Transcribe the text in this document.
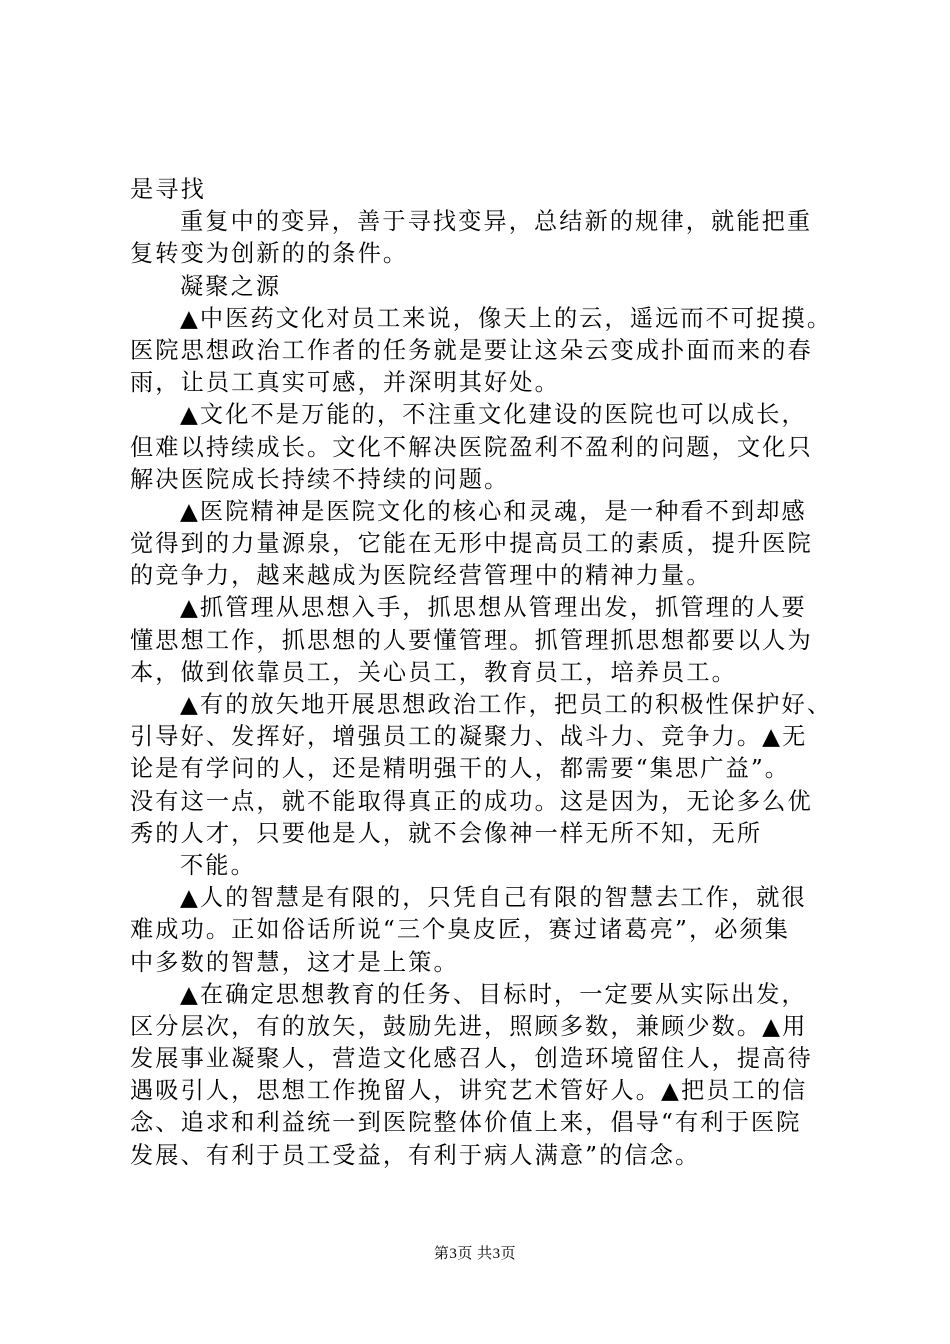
是寻找
重复中的变异，善于寻找变异，总结新的规律，就能把重
复转变为创新的的条件。
凝聚之源
▲中医药文化对员工来说，像天上的云，遥远而不可捉摸。
医院思想政治工作者的任务就是要让这朵云变成扑面而来的春
雨，让员工真实可感，并深明其好处。
▲文化不是万能的，不注重文化建设的医院也可以成长，
但难以持续成长。文化不解决医院盈利不盈利的问题，文化只
解决医院成长持续不持续的问题。
▲医院精神是医院文化的核心和灵魂，是一种看不到却感
觉得到的力量源泉，它能在无形中提高员工的素质，提升医院
的竞争力，越来越成为医院经营管理中的精神力量。
▲抓管理从思想入手，抓思想从管理出发，抓管理的人要
懂思想工作，抓思想的人要懂管理。抓管理抓思想都要以人为
本，做到依靠员工，关心员工，教育员工，培养员工。
▲有的放矢地开展思想政治工作，把员工的积极性保护好、
引导好、发挥好，增强员工的凝聚力、战斗力、竞争力。▲无
论是有学问的人，还是精明强干的人，都需要“集思广益”。
没有这一点，就不能取得真正的成功。这是因为，无论多么优
秀的人才，只要他是人，就不会像神一样无所不知，无所
不能。
▲人的智慧是有限的，只凭自己有限的智慧去工作，就很
难成功。正如俗话所说“三个臭皮匠，赛过诸葛亮”，必须集
中多数的智慧，这才是上策。
▲在确定思想教育的任务、目标时，一定要从实际出发，
区分层次，有的放矢，鼓励先进，照顾多数，兼顾少数。▲用
发展事业凝聚人，营造文化感召人，创造环境留住人，提高待
遇吸引人，思想工作挽留人，讲究艺术管好人。▲把员工的信
念、追求和利益统一到医院整体价值上来，倡导“有利于医院
发展、有利于员工受益，有利于病人满意”的信念。
第3页 共3页
